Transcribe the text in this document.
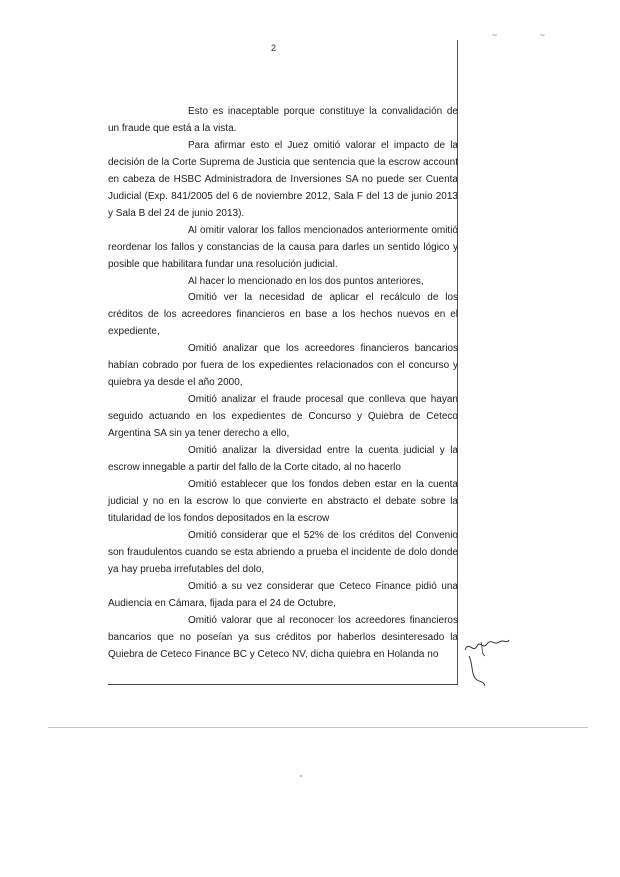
~ ~
2

Esto es inaceptable porque constituye la convalidación de un fraude que está a la vista.

Para afirmar esto el Juez omitió valorar el impacto de la decisión de la Corte Suprema de Justicia que sentencia que la escrow account en cabeza de HSBC Administradora de Inversiones SA no puede ser Cuenta Judicial (Exp. 841/2005 del 6 de noviembre 2012, Sala F del 13 de junio 2013 y Sala B del 24 de junio 2013).

Al omitir valorar los fallos mencionados anteriormente omitió reordenar los fallos y constancias de la causa para darles un sentido lógico y posible que habilitara fundar una resolución judicial.

Al hacer lo mencionado en los dos puntos anteriores,

Omitió ver la necesidad de aplicar el recálculo de los créditos de los acreedores financieros en base a los hechos nuevos en el expediente,

Omitió analizar que los acreedores financieros bancarios habían cobrado por fuera de los expedientes relacionados con el concurso y quiebra ya desde el año 2000,

Omitió analizar el fraude procesal que conlleva que hayan seguido actuando en los expedientes de Concurso y Quiebra de Ceteco Argentina SA sin ya tener derecho a ello,

Omitió analizar la diversidad entre la cuenta judicial y la escrow innegable a partir del fallo de la Corte citado, al no hacerlo

Omitió establecer que los fondos deben estar en la cuenta judicial y no en la escrow lo que convierte en abstracto el debate sobre la titularidad de los fondos depositados en la escrow

Omitió considerar que el 52% de los créditos del Convenio son fraudulentos cuando se esta abriendo a prueba el incidente de dolo donde ya hay prueba irrefutables del dolo,

Omitió a su vez considerar que Ceteco Finance pidió una Audiencia en Cámara, fijada para el 24 de Octubre,

Omitió valorar que al reconocer los acreedores financieros bancarios que no poseían ya sus créditos por haberlos desinteresado la Quiebra de Ceteco Finance BC y Ceteco NV, dicha quiebra en Holanda no
